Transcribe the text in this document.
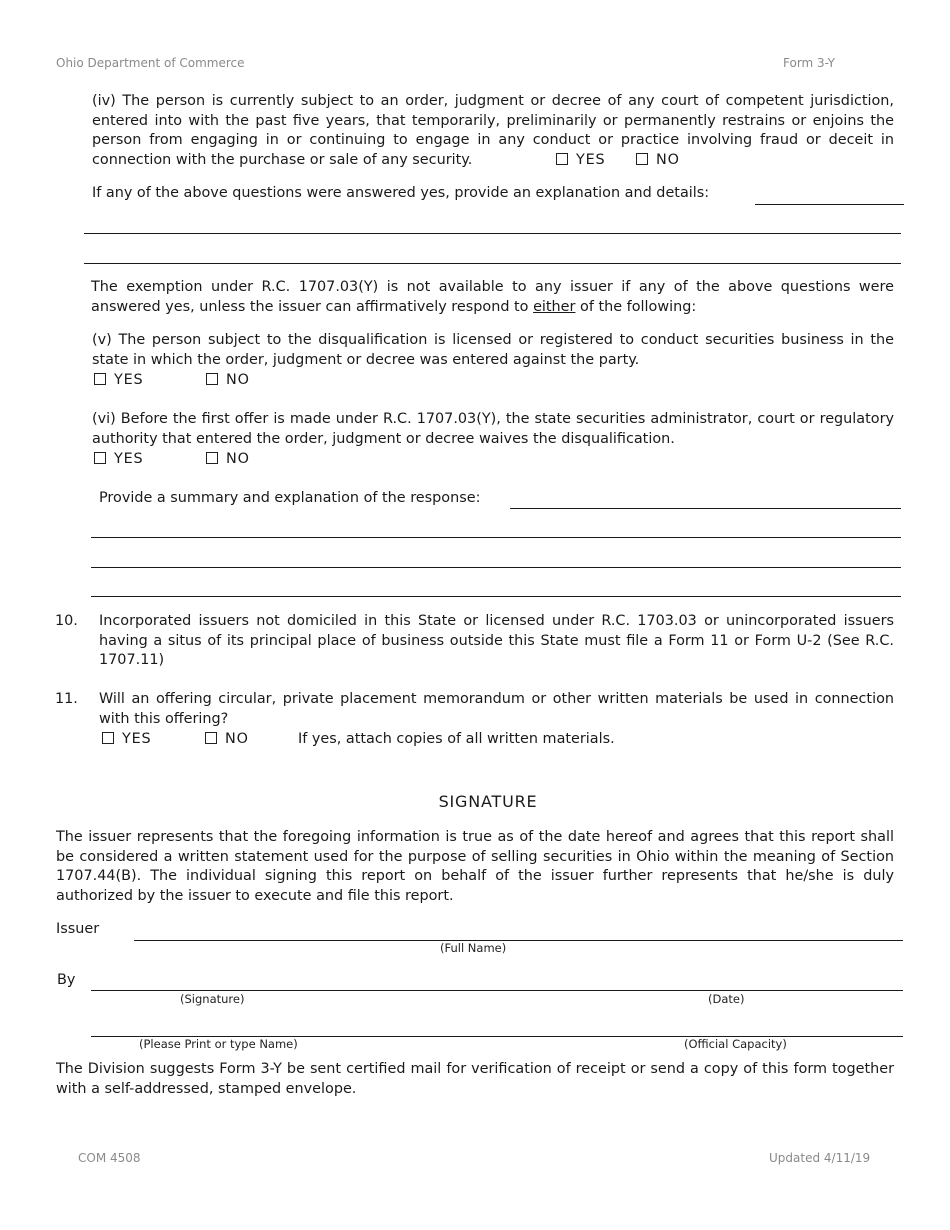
Ohio Department of Commerce	Form 3-Y
(iv) The person is currently subject to an order, judgment or decree of any court of competent jurisdiction, entered into with the past five years, that temporarily, preliminarily or permanently restrains or enjoins the person from engaging in or continuing to engage in any conduct or practice involving fraud or deceit in connection with the purchase or sale of any security.	YES	NO
If any of the above questions were answered yes, provide an explanation and details:
The exemption under R.C. 1707.03(Y) is not available to any issuer if any of the above questions were answered yes, unless the issuer can affirmatively respond to either of the following:
(v) The person subject to the disqualification is licensed or registered to conduct securities business in the state in which the order, judgment or decree was entered against the party.
YES	NO
(vi) Before the first offer is made under R.C. 1707.03(Y), the state securities administrator, court or regulatory authority that entered the order, judgment or decree waives the disqualification.
YES	NO
Provide a summary and explanation of the response:
10. Incorporated issuers not domiciled in this State or licensed under R.C. 1703.03 or unincorporated issuers having a situs of its principal place of business outside this State must file a Form 11 or Form U-2 (See R.C. 1707.11)
11. Will an offering circular, private placement memorandum or other written materials be used in connection with this offering?
YES	NO	If yes, attach copies of all written materials.
SIGNATURE
The issuer represents that the foregoing information is true as of the date hereof and agrees that this report shall be considered a written statement used for the purpose of selling securities in Ohio within the meaning of Section 1707.44(B). The individual signing this report on behalf of the issuer further represents that he/she is duly authorized by the issuer to execute and file this report.
Issuer
(Full Name)
By
(Signature)	(Date)
(Please Print or type Name)	(Official Capacity)
The Division suggests Form 3-Y be sent certified mail for verification of receipt or send a copy of this form together with a self-addressed, stamped envelope.
COM 4508	Updated 4/11/19
